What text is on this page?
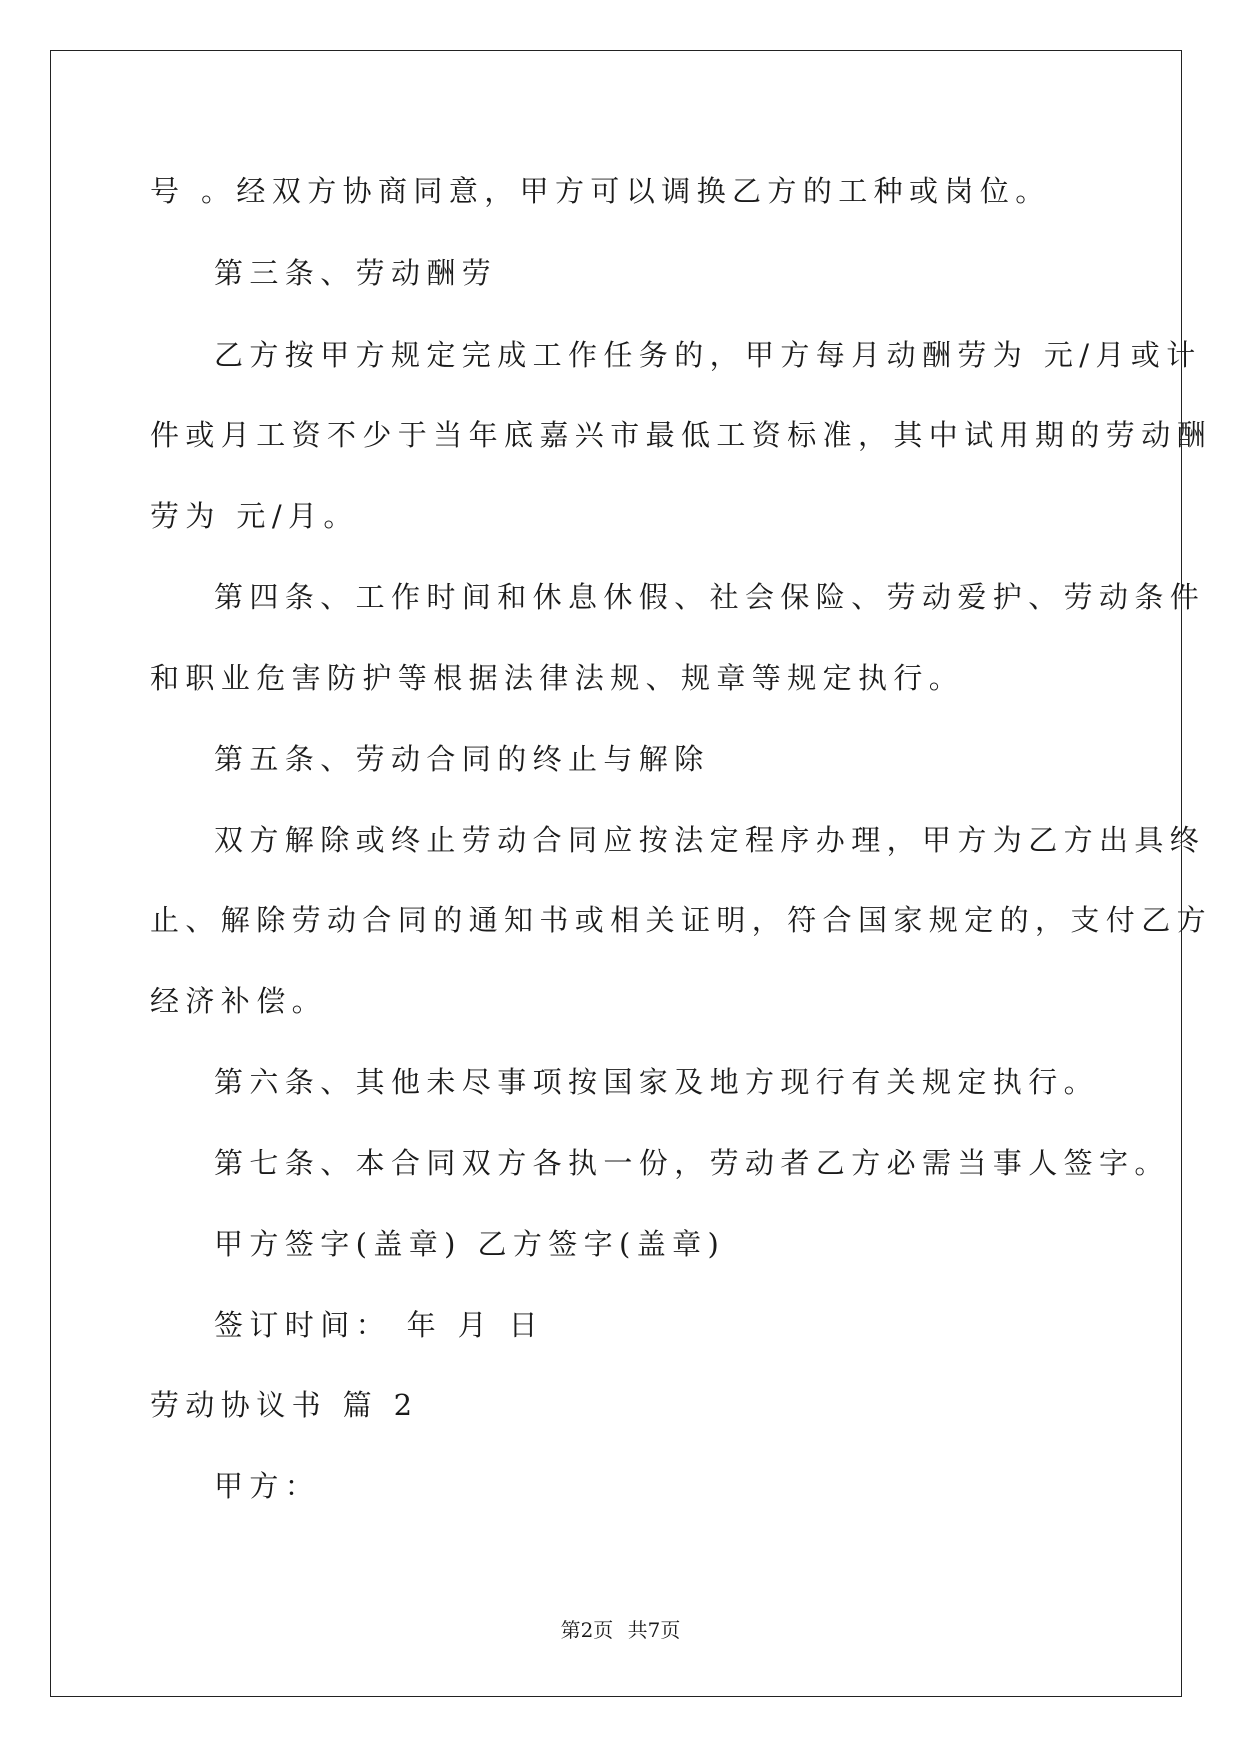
号 。经双方协商同意，甲方可以调换乙方的工种或岗位。
第三条、劳动酬劳
乙方按甲方规定完成工作任务的，甲方每月动酬劳为 元/月或计
件或月工资不少于当年底嘉兴市最低工资标准，其中试用期的劳动酬
劳为 元/月。
第四条、工作时间和休息休假、社会保险、劳动爱护、劳动条件
和职业危害防护等根据法律法规、规章等规定执行。
第五条、劳动合同的终止与解除
双方解除或终止劳动合同应按法定程序办理，甲方为乙方出具终
止、解除劳动合同的通知书或相关证明，符合国家规定的，支付乙方
经济补偿。
第六条、其他未尽事项按国家及地方现行有关规定执行。
第七条、本合同双方各执一份，劳动者乙方必需当事人签字。
甲方签字(盖章) 乙方签字(盖章)
签订时间： 年 月 日
劳动协议书 篇 2
甲方：
第2页 共7页
